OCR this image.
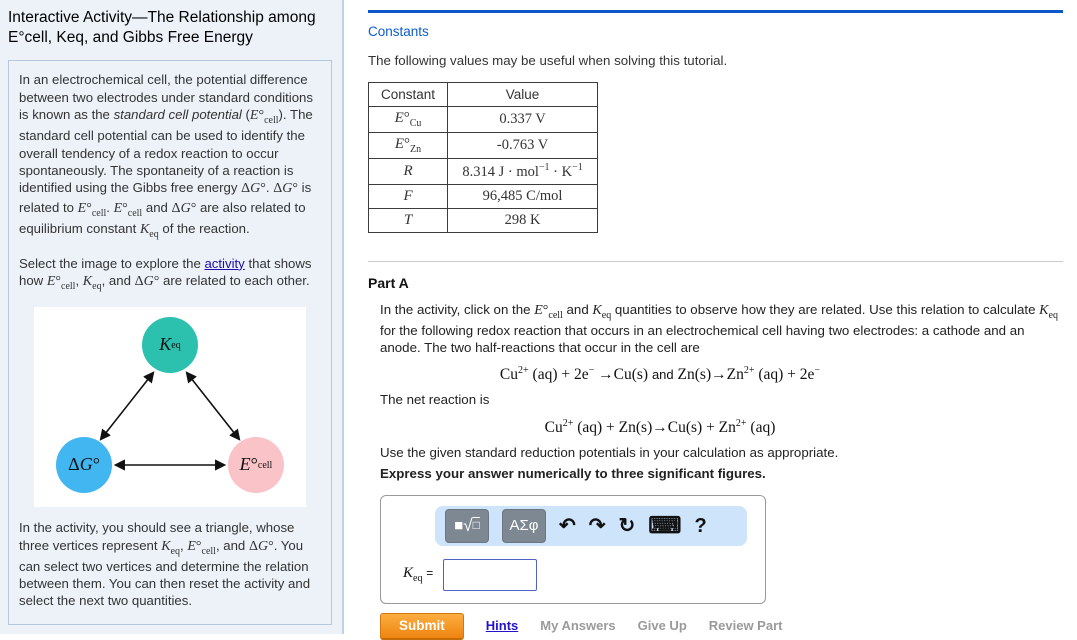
Interactive Activity—The Relationship among E°cell, Keq, and Gibbs Free Energy

In an electrochemical cell, the potential difference between two electrodes under standard conditions is known as the standard cell potential $(E^\circ_{cell})$. The standard cell potential can be used to identify the overall tendency of a redox reaction to occur spontaneously. The spontaneity of a reaction is identified using the Gibbs free energy ΔG°. ΔG° is related to $E^\circ_{cell}$. $E^\circ_{cell}$ and ΔG° are also related to equilibrium constant $K_{eq}$ of the reaction.

Select the image to explore the activity that shows how $E^\circ_{cell}$, $K_{eq}$, and ΔG° are related to each other.

K eq
Δ G °	E ° cell

In the activity, you should see a triangle, whose three vertices represent $K_{eq}$, $E^\circ_{cell}$, and ΔG°. You can select two vertices and determine the relation between them. You can then reset the activity and select the next two quantities.

Constants
The following values may be useful when solving this tutorial.
Constant	Value
$E^\circ_{Cu}$	0.337 V
$E^\circ_{Zn}$	-0.763 V
R	8.314 $J \cdot mol^{-1} \cdot K^{-1}$
F	96,485 C/mol
T	298 K
Part A

In the activity, click on the $E^\circ_{cell}$ and $K_{eq}$ quantities to observe how they are related. Use this relation to calculate $K_{eq}$ for the following redox reaction that occurs in an electrochemical cell having two electrodes: a cathode and an anode. The two half-reactions that occur in the cell are

$Cu^{2+}$ (aq) + 2e− →Cu(s) and $Zn(s)\to Zn^{2+}$ (aq) + 2e−

The net reaction is

$Cu^{2+}$ $(aq) + Zn(s)\to Cu(s) + Zn^{2+}$ (aq)

Use the given standard reduction potentials in your calculation as appropriate.

Express your answer numerically to three significant figures.

■ √ □	ΑΣφ	↶ ↷ ↻ ⌨ ?
$K_{eq}$ =
Submit	Hints My Answers Give Up Review Part
